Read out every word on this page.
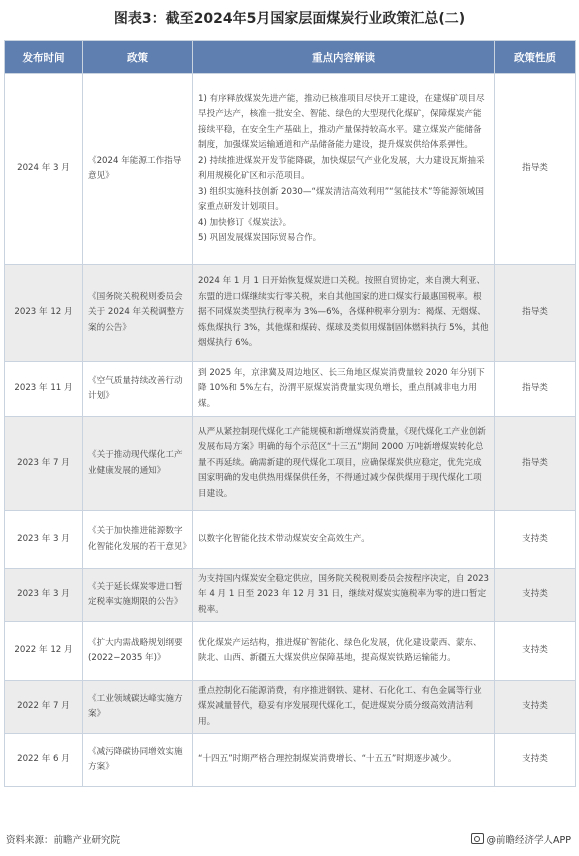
图表3：截至2024年5月国家层面煤炭行业政策汇总(二)
发布时间	政策	重点内容解读	政策性质
2024 年 3 月	《2024 年能源工作指导意见》	1) 有序释放煤炭先进产能，推动已核准项目尽快开工建设，在建煤矿项目尽早投产达产，核准一批安全、智能、绿色的大型现代化煤矿，保障煤炭产能接续平稳，在安全生产基础上，推动产量保持较高水平。建立煤炭产能储备制度，加强煤炭运输通道和产品储备能力建设，提升煤炭供给体系弹性。
2) 持续推进煤炭开发节能降碳，加快煤层气产业化发展，大力建设瓦斯抽采利用规模化矿区和示范项目。
3) 组织实施科技创新 2030—“煤炭清洁高效利用”“氢能技术”等能源领域国家重点研发计划项目。
4) 加快修订《煤炭法》。
5) 巩固发展煤炭国际贸易合作。	指导类
2023 年 12 月	《国务院关税税则委员会关于 2024 年关税调整方案的公告》	2024 年 1 月 1 日开始恢复煤炭进口关税。按照自贸协定，来自澳大利亚、东盟的进口煤继续实行零关税，来自其他国家的进口煤实行最惠国税率。根据不同煤炭类型执行税率为 3%—6%，各煤种税率分别为：褐煤、无烟煤、炼焦煤执行 3%，其他煤和煤砖、煤球及类似用煤制固体燃料执行 5%，其他烟煤执行 6%。	指导类
2023 年 11 月	《空气质量持续改善行动计划》	到 2025 年，京津冀及周边地区、长三角地区煤炭消费量较 2020 年分别下降 10%和 5%左右，汾渭平原煤炭消费量实现负增长，重点削减非电力用煤。	指导类
2023 年 7 月	《关于推动现代煤化工产业健康发展的通知》	从严从紧控制现代煤化工产能规模和新增煤炭消费量，《现代煤化工产业创新发展布局方案》明确的每个示范区“十三五”期间 2000 万吨新增煤炭转化总量不再延续。确需新建的现代煤化工项目，应确保煤炭供应稳定，优先完成国家明确的发电供热用煤保供任务，不得通过减少保供煤用于现代煤化工项目建设。	指导类
2023 年 3 月	《关于加快推进能源数字化智能化发展的若干意见》	以数字化智能化技术带动煤炭安全高效生产。	支持类
2023 年 3 月	《关于延长煤炭零进口暂定税率实施期限的公告》	为支持国内煤炭安全稳定供应，国务院关税税则委员会按程序决定，自 2023 年 4 月 1 日至 2023 年 12 月 31 日，继续对煤炭实施税率为零的进口暂定税率。	支持类
2022 年 12 月	《扩大内需战略规划纲要(2022−2035 年)》	优化煤炭产运结构，推进煤矿智能化、绿色化发展，优化建设蒙西、蒙东、陕北、山西、新疆五大煤炭供应保障基地，提高煤炭铁路运输能力。	支持类
2022 年 7 月	《工业领域碳达峰实施方案》	重点控制化石能源消费，有序推进钢铁、建材、石化化工、有色金属等行业煤炭减量替代，稳妥有序发展现代煤化工，促进煤炭分质分级高效清洁利用。	支持类
2022 年 6 月	《减污降碳协同增效实施方案》	“十四五”时期严格合理控制煤炭消费增长、“十五五”时期逐步减少。	支持类
资料来源：前瞻产业研究院	@前瞻经济学人APP
